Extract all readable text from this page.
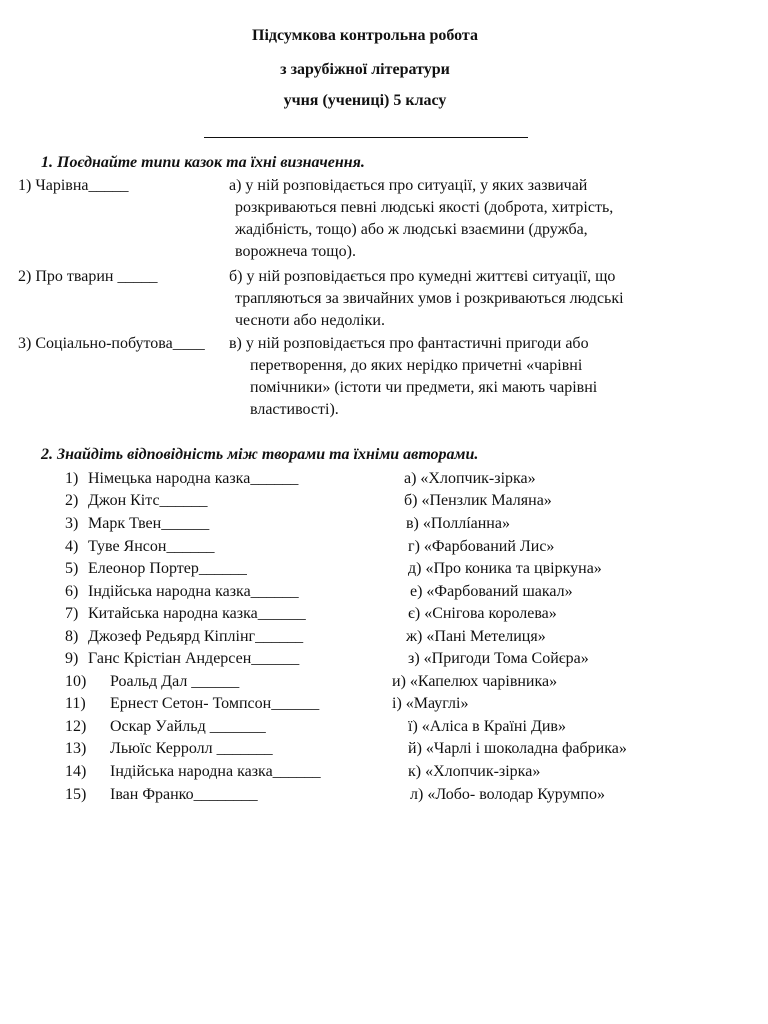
Підсумкова контрольна робота
з зарубіжної літератури
учня (учениці) 5 класу
1. Поєднайте типи казок та їхні визначення.
1) Чарівна_____	а) у ній розповідається про ситуації, у яких зазвичай
розкриваються певні людські якості (доброта, хитрість,
жадібність, тощо) або ж людські взаємини (дружба,
ворожнеча тощо).
2) Про тварин _____	б) у ній розповідається про кумедні життєві ситуації, що
трапляються за звичайних умов і розкриваються людські
чесноти або недоліки.
3) Соціально-побутова____ в) у ній розповідається про фантастичні пригоди або
перетворення, до яких нерідко причетні «чарівні
помічники» (істоти чи предмети, які мають чарівні
властивості).
2. Знайдіть відповідність між творами та їхніми авторами.
1) Німецька народна казка______
2) Джон Кітс______
3) Марк Твен______
4) Туве Янсон______
5) Елеонор Портер______
6) Індійська народна казка______
7) Китайська народна казка______
8) Джозеф Редьярд Кіплінг______
9) Ганс Крістіан Андерсен______
10) Роальд Дал ______
11) Ернест Сетон- Томпсон______
12) Оскар Уайльд _______
13) Льюїс Керролл _______
14) Індійська народна казка______
15) Іван Франко________
а) «Хлопчик-зірка»
б) «Пензлик Маляна»
в) «Поллíанна»
г) «Фарбований Лис»
д) «Про коника та цвіркуна»
е) «Фарбований шакал»
є) «Снігова королева»
ж) «Пані Метелиця»
з) «Пригоди Тома Сойєра»
и) «Капелюх чарівника»
і) «Мауглі»
ї) «Аліса в Країні Див»
й) «Чарлі і шоколадна фабрика»
к) «Хлопчик-зірка»
л) «Лобо- володар Курумпо»
